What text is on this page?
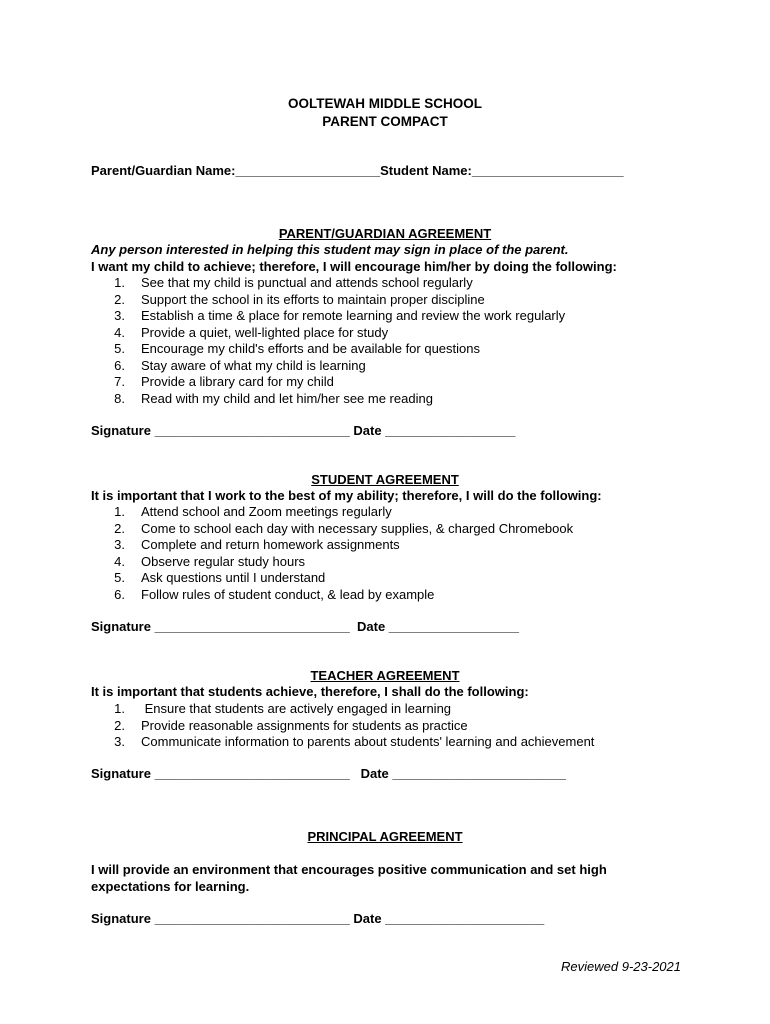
OOLTEWAH MIDDLE SCHOOL
PARENT COMPACT
Parent/Guardian Name:____________________Student Name:_____________________
PARENT/GUARDIAN AGREEMENT
Any person interested in helping this student may sign in place of the parent.
I want my child to achieve; therefore, I will encourage him/her by doing the following:
1. See that my child is punctual and attends school regularly
2. Support the school in its efforts to maintain proper discipline
3. Establish a time & place for remote learning and review the work regularly
4. Provide a quiet, well-lighted place for study
5. Encourage my child's efforts and be available for questions
6. Stay aware of what my child is learning
7. Provide a library card for my child
8. Read with my child and let him/her see me reading
Signature ___________________________ Date __________________
STUDENT AGREEMENT
It is important that I work to the best of my ability; therefore, I will do the following:
1. Attend school and Zoom meetings regularly
2. Come to school each day with necessary supplies, & charged Chromebook
3. Complete and return homework assignments
4. Observe regular study hours
5. Ask questions until I understand
6. Follow rules of student conduct, & lead by example
Signature ___________________________  Date __________________
TEACHER AGREEMENT
It is important that students achieve, therefore, I shall do the following:
1. Ensure that students are actively engaged in learning
2. Provide reasonable assignments for students as practice
3. Communicate information to parents about students' learning and achievement
Signature ___________________________   Date ________________________
PRINCIPAL AGREEMENT
I will provide an environment that encourages positive communication and set high
expectations for learning.
Signature ___________________________ Date ______________________
Reviewed 9-23-2021
